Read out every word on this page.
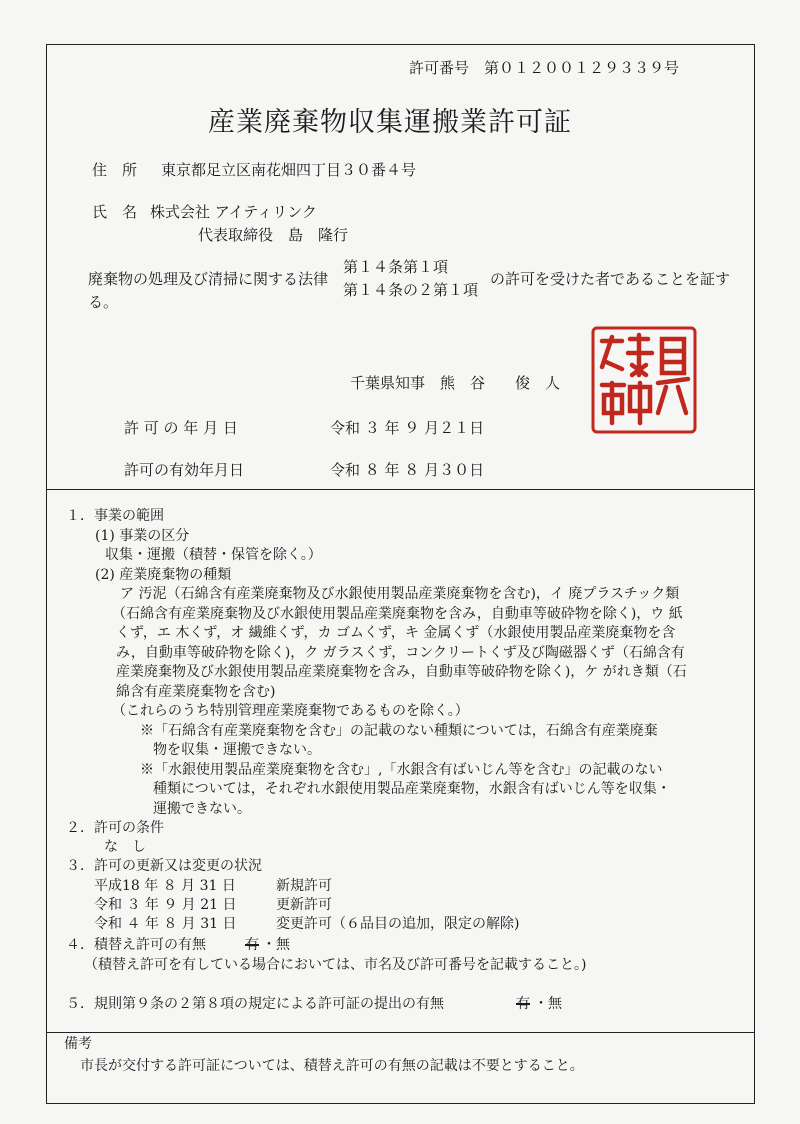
許可番号　第０１２００１２９３３９号
産業廃棄物収集運搬業許可証
住　所 東京都足立区南花畑四丁目３０番４号
氏　名 株式会社 アイティリンク
代表取締役　島　隆行
廃棄物の処理及び清掃に関する法律
第１４条第１項
第１４条の２第１項
の許可を受けた者であることを証す
る。
千葉県知事　熊　谷　　俊　人
許 可 の 年 月 日	令和 ３ 年 ９ 月２１日
許可の有効年月日	令和 ８ 年 ８ 月３０日
１．事業の範囲
(1) 事業の区分
収集・運搬（積替・保管を除く。）
(2) 産業廃棄物の種類
ア 汚泥（石綿含有産業廃棄物及び水銀使用製品産業廃棄物を含む)，イ 廃プラスチック類
（石綿含有産業廃棄物及び水銀使用製品産業廃棄物を含み，自動車等破砕物を除く)，ウ 紙
くず，エ 木くず，オ 繊維くず，カ ゴムくず，キ 金属くず（水銀使用製品産業廃棄物を含
み，自動車等破砕物を除く)，ク ガラスくず，コンクリートくず及び陶磁器くず（石綿含有
産業廃棄物及び水銀使用製品産業廃棄物を含み，自動車等破砕物を除く)，ケ がれき類（石
綿含有産業廃棄物を含む)
（これらのうち特別管理産業廃棄物であるものを除く。）
※「石綿含有産業廃棄物を含む」の記載のない種類については，石綿含有産業廃棄
物を収集・運搬できない。
※「水銀使用製品産業廃棄物を含む」,「水銀含有ばいじん等を含む」の記載のない
種類については，それぞれ水銀使用製品産業廃棄物，水銀含有ばいじん等を収集・
運搬できない。
２．許可の条件
な　し
３．許可の更新又は変更の状況
平成18 年 ８ 月 31 日	新規許可
令和 ３ 年 ９ 月 21 日	更新許可
令和 ４ 年 ８ 月 31 日	変更許可（６品目の追加，限定の解除)
４．積替え許可の有無	有 ・ 無
（積替え許可を有している場合においては、市名及び許可番号を記載すること。)
５．規則第９条の２第８項の規定による許可証の提出の有無	有 ・ 無
備考
市長が交付する許可証については、積替え許可の有無の記載は不要とすること。
